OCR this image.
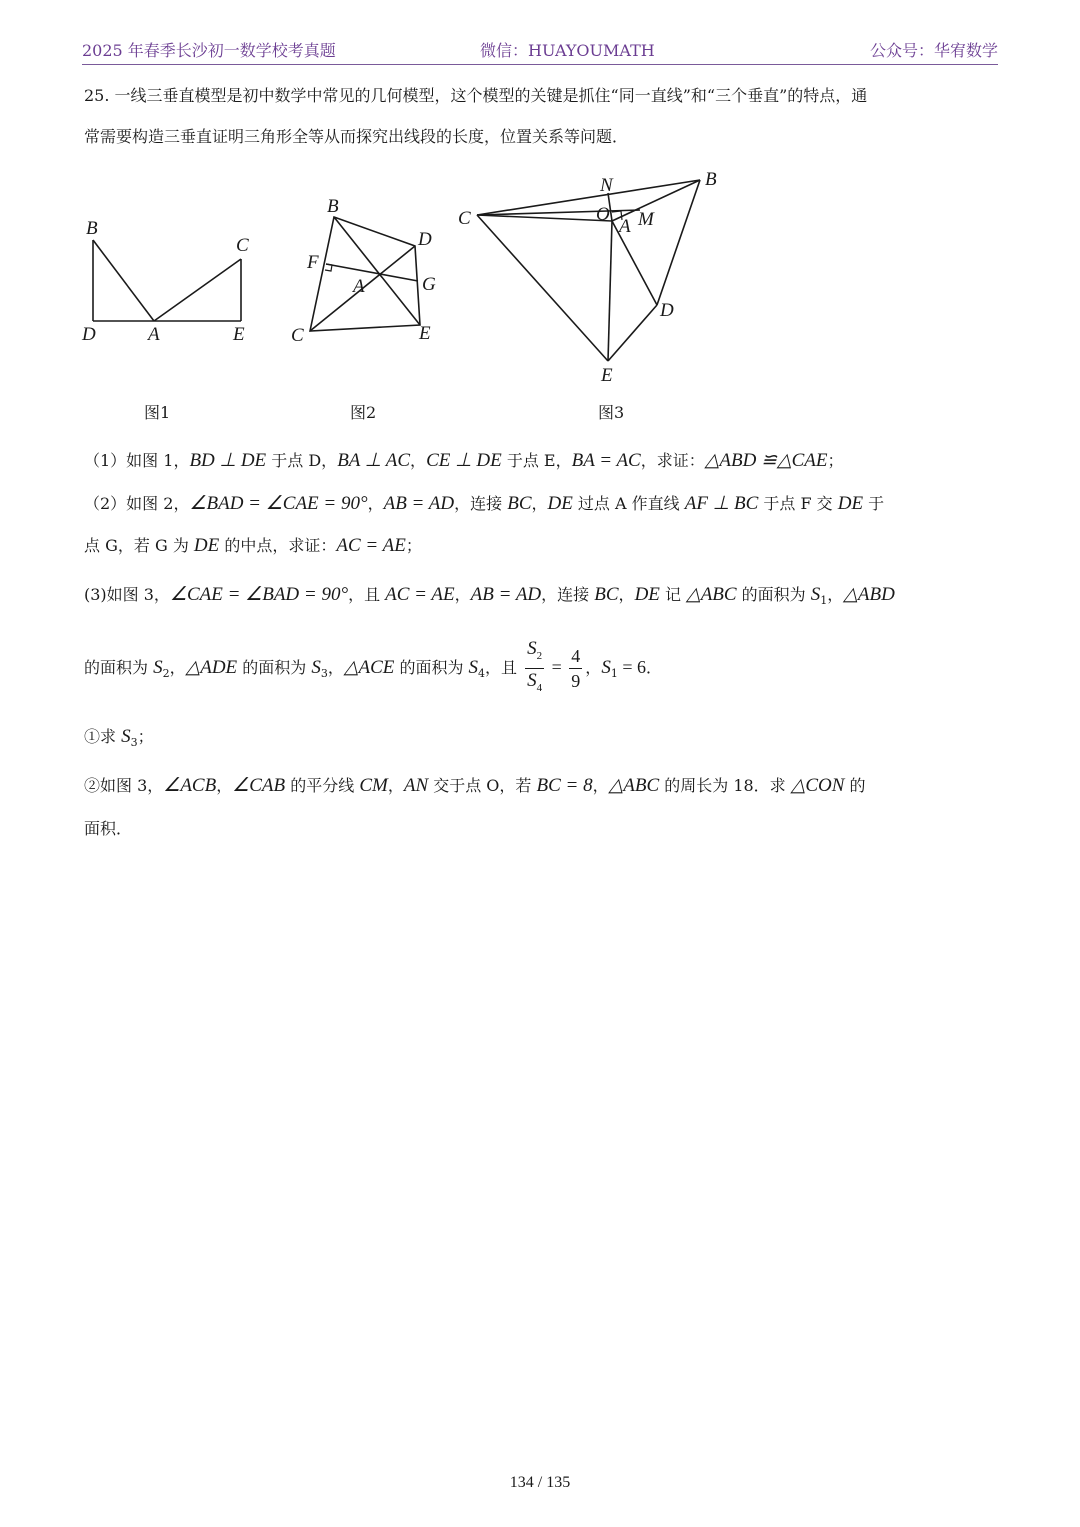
2025 年春季长沙初一数学校考真题	微信：HUAYOUMATH	公众号：华宥数学
25. 一线三垂直模型是初中数学中常见的几何模型，这个模型的关键是抓住“同一直线”和“三个垂直”的特点，通
常需要构造三垂直证明三角形全等从而探究出线段的长度，位置关系等问题．
B
C
D	A	E
图1
B
D
F
G
A
C	E
图2
N	B
C	O M
A
D
E
图3
（1）如图 1，BD ⊥ DE 于点 D，BA ⊥ AC，CE ⊥ DE 于点 E，BA = AC，求证：△ABD ≌△CAE；
（2）如图 2，∠BAD = ∠CAE = 90°，AB = AD，连接 BC，DE 过点 A 作直线 AF ⊥ BC 于点 F 交 DE 于
点 G，若 G 为 DE 的中点，求证：AC = AE；
(3)如图 3，∠CAE = ∠BAD = 90°，且 AC = AE，AB = AD，连接 BC，DE 记 △ABC 的面积为 $S_1$，△ABD
的面积为 $S_2$，△ADE 的面积为 $S_3$，△ACE 的面积为 $S_4$，且 $\frac{S_2}{S_4} = \frac{4}{9}$ ，$S_1 = 6$．
①求 $S_3$；
②如图 3，∠ACB，∠CAB 的平分线 CM，AN 交于点 O，若 BC = 8，△ABC 的周长为 18．求 △CON 的
面积．
134 / 135
